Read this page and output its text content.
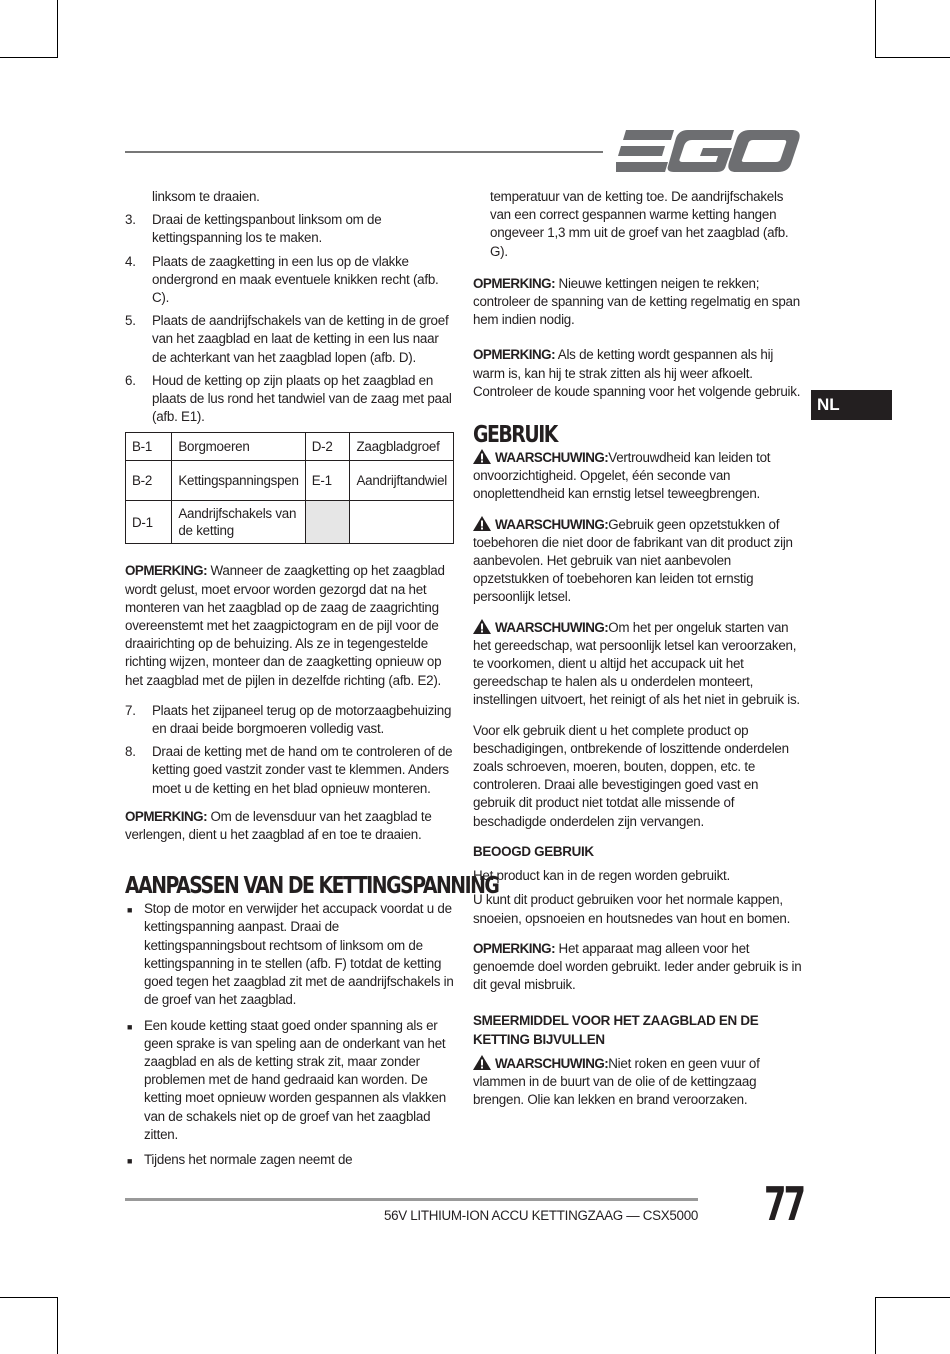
linksom te draaien.
3.	Draai de kettingspanbout linksom om de kettingspanning los te maken.
4.	Plaats de zaagketting in een lus op de vlakke ondergrond en maak eventuele knikken recht (afb. C).
5.	Plaats de aandrijfschakels van de ketting in de groef van het zaagblad en laat de ketting in een lus naar de achterkant van het zaagblad lopen (afb. D).
6.	Houd de ketting op zijn plaats op het zaagblad en plaats de lus rond het tandwiel van de zaag met paal (afb. E1).
B-1	Borgmoeren	D-2	Zaagbladgroef
B-2	Kettingspanningspen	E-1	Aandrijftandwiel
D-1	Aandrijfschakels van de ketting		

OPMERKING: Wanneer de zaagketting op het zaagblad wordt gelust, moet ervoor worden gezorgd dat na het monteren van het zaagblad op de zaag de zaagrichting overeenstemt met het zaagpictogram en de pijl voor de draairichting op de behuizing. Als ze in tegengestelde richting wijzen, monteer dan de zaagketting opnieuw op het zaagblad met de pijlen in dezelfde richting (afb. E2).

7.	Plaats het zijpaneel terug op de motorzaagbehuizing en draai beide borgmoeren volledig vast.
8.	Draai de ketting met de hand om te controleren of de ketting goed vastzit zonder vast te klemmen. Anders moet u de ketting en het blad opnieuw monteren.

OPMERKING: Om de levensduur van het zaagblad te verlengen, dient u het zaagblad af en toe te draaien.

AANPASSEN VAN DE KETTINGSPANNING
■ Stop de motor en verwijder het accupack voordat u de kettingspanning aanpast. Draai de kettingspanningsbout rechtsom of linksom om de kettingspanning in te stellen (afb. F) totdat de ketting goed tegen het zaagblad zit met de aandrijfschakels in de groef van het zaagblad.
■ Een koude ketting staat goed onder spanning als er geen sprake is van speling aan de onderkant van het zaagblad en als de ketting strak zit, maar zonder problemen met de hand gedraaid kan worden. De ketting moet opnieuw worden gespannen als vlakken van de schakels niet op de groef van het zaagblad zitten.
■ Tijdens het normale zagen neemt de
temperatuur van de ketting toe. De aandrijfschakels van een correct gespannen warme ketting hangen ongeveer 1,3 mm uit de groef van het zaagblad (afb. G).

OPMERKING: Nieuwe kettingen neigen te rekken; controleer de spanning van de ketting regelmatig en span hem indien nodig.

OPMERKING: Als de ketting wordt gespannen als hij warm is, kan hij te strak zitten als hij weer afkoelt. Controleer de koude spanning voor het volgende gebruik.

GEBRUIK

WAARSCHUWING:Vertrouwdheid kan leiden tot onvoorzichtigheid. Opgelet, één seconde van onoplettendheid kan ernstig letsel teweegbrengen.

WAARSCHUWING:Gebruik geen opzetstukken of toebehoren die niet door de fabrikant van dit product zijn aanbevolen. Het gebruik van niet aanbevolen opzetstukken of toebehoren kan leiden tot ernstig persoonlijk letsel.

WAARSCHUWING:Om het per ongeluk starten van het gereedschap, wat persoonlijk letsel kan veroorzaken, te voorkomen, dient u altijd het accupack uit het gereedschap te halen als u onderdelen monteert, instellingen uitvoert, het reinigt of als het niet in gebruik is.

Voor elk gebruik dient u het complete product op beschadigingen, ontbrekende of loszittende onderdelen zoals schroeven, moeren, bouten, doppen, etc. te controleren. Draai alle bevestigingen goed vast en gebruik dit product niet totdat alle missende of beschadigde onderdelen zijn vervangen.

BEOOGD GEBRUIK

Het product kan in de regen worden gebruikt.

U kunt dit product gebruiken voor het normale kappen, snoeien, opsnoeien en houtsnedes van hout en bomen.

OPMERKING: Het apparaat mag alleen voor het genoemde doel worden gebruikt. Ieder ander gebruik is in dit geval misbruik.

SMEERMIDDEL VOOR HET ZAAGBLAD EN DE KETTING BIJVULLEN

WAARSCHUWING:Niet roken en geen vuur of vlammen in de buurt van de olie of de kettingzaag brengen. Olie kan lekken en brand veroorzaken.

NL
56V LITHIUM-ION ACCU KETTINGZAAG — CSX5000 77
